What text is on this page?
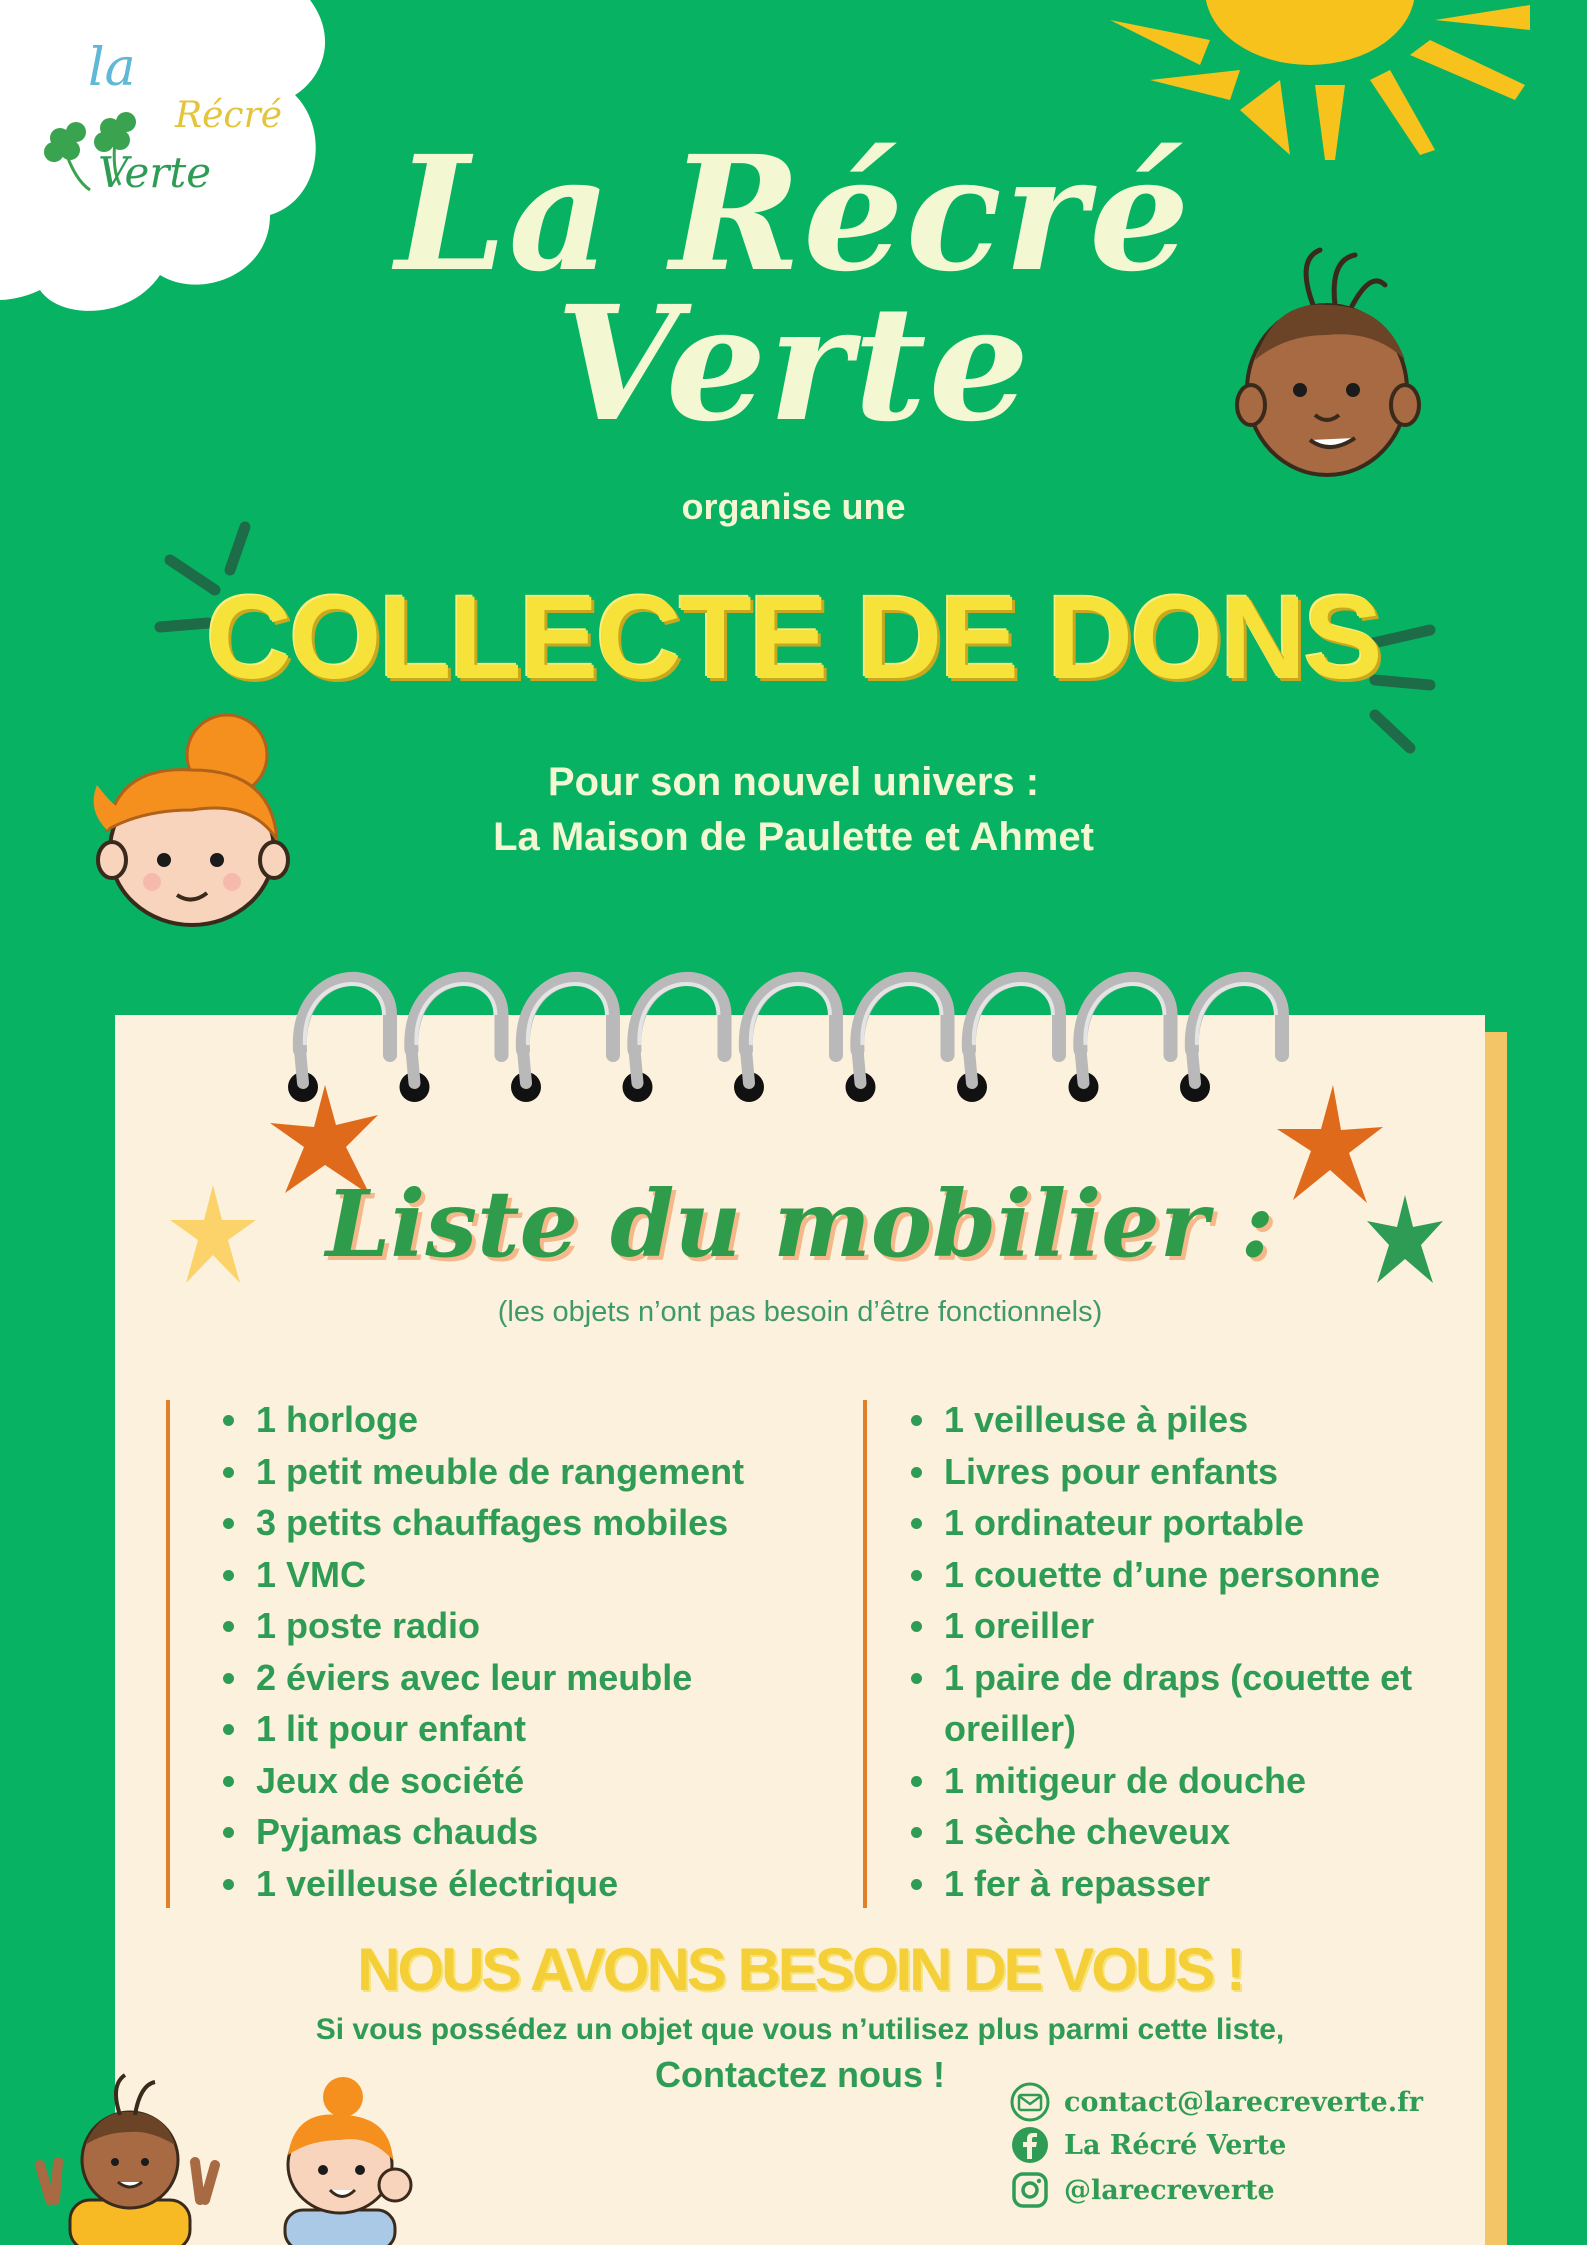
la
Récré
Verte	La Récré
Verte
organise une
COLLECTE DE DONS
Pour son nouvel univers :
La Maison de Paulette et Ahmet
Liste du mobilier :
(les objets n’ont pas besoin d’être fonctionnels)
1 horloge
1 petit meuble de rangement
3 petits chauffages mobiles
1 VMC
1 poste radio
2 éviers avec leur meuble
1 lit pour enfant
Jeux de société
Pyjamas chauds
1 veilleuse électrique
1 veilleuse à piles
Livres pour enfants
1 ordinateur portable
1 couette d’une personne
1 oreiller
1 paire de draps (couette et oreiller)
1 mitigeur de douche
1 sèche cheveux
1 fer à repasser
NOUS AVONS BESOIN DE VOUS !
Si vous possédez un objet que vous n’utilisez plus parmi cette liste,
Contactez nous !
contact@larecreverte.fr
La Récré Verte
@larecreverte
